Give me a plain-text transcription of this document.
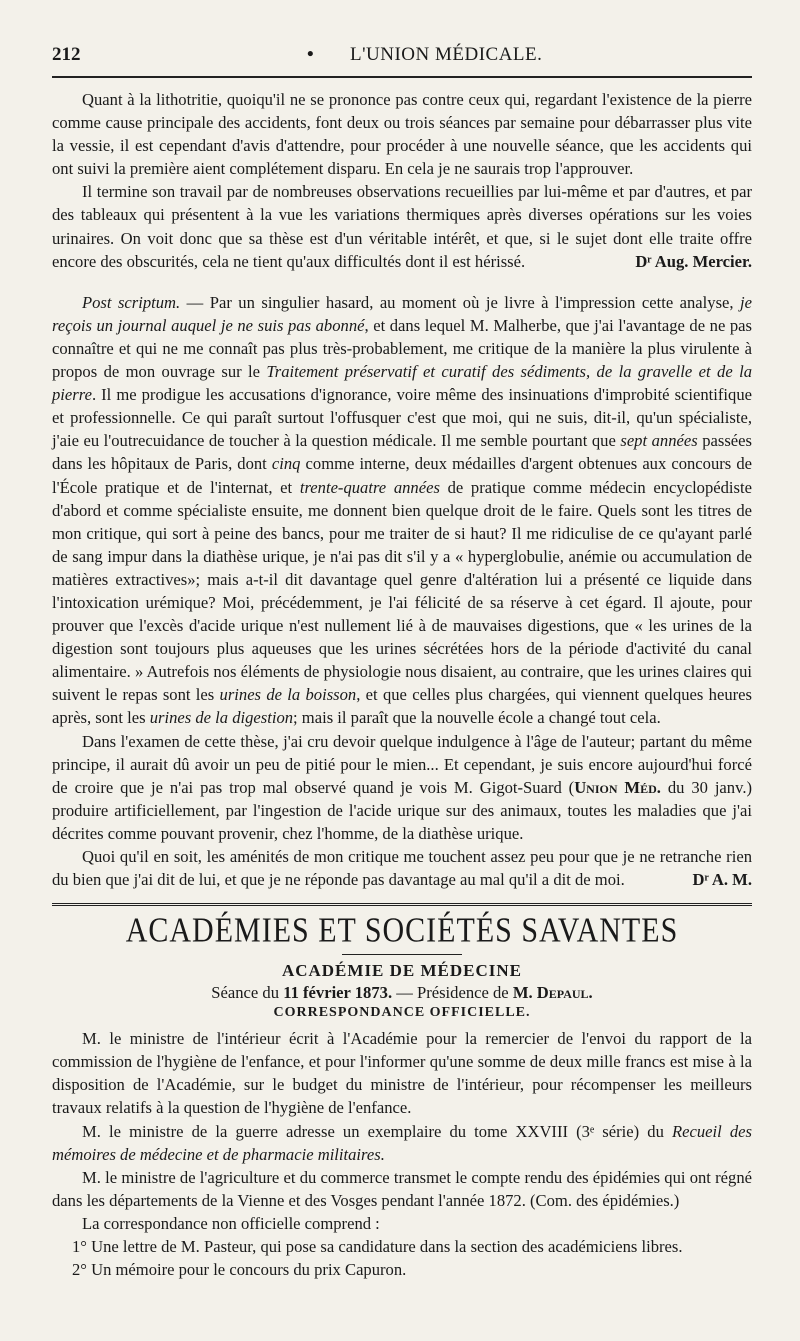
212	• L'UNION MÉDICALE.

Quant à la lithotritie, quoiqu'il ne se prononce pas contre ceux qui, regardant l'existence de la pierre comme cause principale des accidents, font deux ou trois séances par semaine pour débarrasser plus vite la vessie, il est cependant d'avis d'attendre, pour procéder à une nouvelle séance, que les accidents qui ont suivi la première aient complétement disparu. En cela je ne saurais trop l'approuver.

Il termine son travail par de nombreuses observations recueillies par lui-même et par d'autres, et par des tableaux qui présentent à la vue les variations thermiques après diverses opérations sur les voies urinaires. On voit donc que sa thèse est d'un véritable intérêt, et que, si le sujet dont elle traite offre encore des obscurités, cela ne tient qu'aux difficultés dont il est hérissé.	Dʳ Aug. Mercier.

Post scriptum. — Par un singulier hasard, au moment où je livre à l'impression cette analyse, je reçois un journal auquel je ne suis pas abonné, et dans lequel M. Malherbe, que j'ai l'avantage de ne pas connaître et qui ne me connaît pas plus très-probablement, me critique de la manière la plus virulente à propos de mon ouvrage sur le Traitement préservatif et curatif des sédiments, de la gravelle et de la pierre. Il me prodigue les accusations d'ignorance, voire même des insinuations d'improbité scientifique et professionnelle. Ce qui paraît surtout l'offusquer c'est que moi, qui ne suis, dit-il, qu'un spécialiste, j'aie eu l'outrecuidance de toucher à la question médicale. Il me semble pourtant que sept années passées dans les hôpitaux de Paris, dont cinq comme interne, deux médailles d'argent obtenues aux concours de l'École pratique et de l'internat, et trente-quatre années de pratique comme médecin encyclopédiste d'abord et comme spécialiste ensuite, me donnent bien quelque droit de le faire. Quels sont les titres de mon critique, qui sort à peine des bancs, pour me traiter de si haut? Il me ridiculise de ce qu'ayant parlé de sang impur dans la diathèse urique, je n'ai pas dit s'il y a « hyperglobulie, anémie ou accumulation de matières extractives»; mais a-t-il dit davantage quel genre d'altération lui a présenté ce liquide dans l'intoxication urémique? Moi, précédemment, je l'ai félicité de sa réserve à cet égard. Il ajoute, pour prouver que l'excès d'acide urique n'est nullement lié à de mauvaises digestions, que « les urines de la digestion sont toujours plus aqueuses que les urines sécrétées hors de la période d'activité du canal alimentaire. » Autrefois nos éléments de physiologie nous disaient, au contraire, que les urines claires qui suivent le repas sont les urines de la boisson, et que celles plus chargées, qui viennent quelques heures après, sont les urines de la digestion; mais il paraît que la nouvelle école a changé tout cela.

Dans l'examen de cette thèse, j'ai cru devoir quelque indulgence à l'âge de l'auteur; partant du même principe, il aurait dû avoir un peu de pitié pour le mien... Et cependant, je suis encore aujourd'hui forcé de croire que je n'ai pas trop mal observé quand je vois M. Gigot-Suard (Union Méd. du 30 janv.) produire artificiellement, par l'ingestion de l'acide urique sur des animaux, toutes les maladies que j'ai décrites comme pouvant provenir, chez l'homme, de la diathèse urique.

Quoi qu'il en soit, les aménités de mon critique me touchent assez peu pour que je ne retranche rien du bien que j'ai dit de lui, et que je ne réponde pas davantage au mal qu'il a dit de moi.	Dʳ A. M.

ACADÉMIES ET SOCIÉTÉS SAVANTES
ACADÉMIE DE MÉDECINE
Séance du 11 février 1873. — Présidence de M. Depaul.
CORRESPONDANCE OFFICIELLE.

M. le ministre de l'intérieur écrit à l'Académie pour la remercier de l'envoi du rapport de la commission de l'hygiène de l'enfance, et pour l'informer qu'une somme de deux mille francs est mise à la disposition de l'Académie, sur le budget du ministre de l'intérieur, pour récompenser les meilleurs travaux relatifs à la question de l'hygiène de l'enfance.

M. le ministre de la guerre adresse un exemplaire du tome XXVIII (3ᵉ série) du Recueil des mémoires de médecine et de pharmacie militaires.

M. le ministre de l'agriculture et du commerce transmet le compte rendu des épidémies qui ont régné dans les départements de la Vienne et des Vosges pendant l'année 1872. (Com. des épidémies.)

La correspondance non officielle comprend :

1° Une lettre de M. Pasteur, qui pose sa candidature dans la section des académiciens libres.

2° Un mémoire pour le concours du prix Capuron.
